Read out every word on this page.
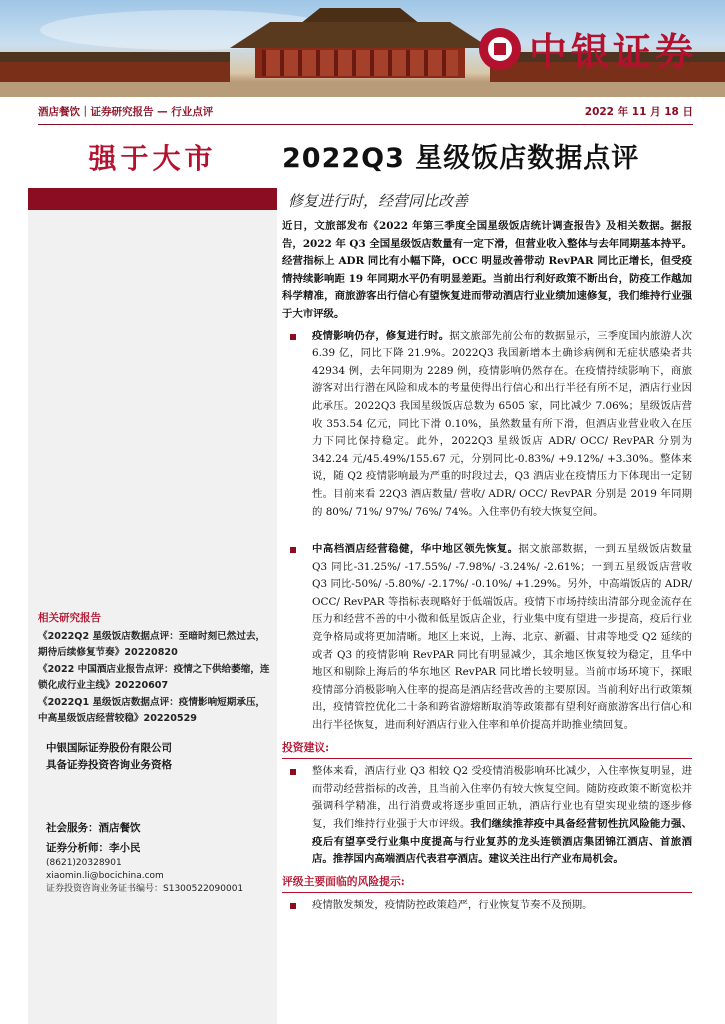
中银证券
酒店餐饮｜证券研究报告 — 行业点评	2022 年 11 月 18 日
强于大市
相关研究报告
《2022Q2 星级饭店数据点评：至暗时刻已然过去，期待后续修复节奏》20220820
《2022 中国酒店业报告点评：疫情之下供给萎缩，连锁化成行业主线》20220607
《2022Q1 星级饭店数据点评：疫情影响短期承压，中高星级饭店经营较稳》20220529
中银国际证券股份有限公司
具备证券投资咨询业务资格
社会服务：酒店餐饮
证券分析师：李小民
(8621)20328901
xiaomin.li@bocichina.com
证券投资咨询业务证书编号：S1300522090001
2022Q3 星级饭店数据点评
修复进行时，经营同比改善
近日，文旅部发布《2022 年第三季度全国星级饭店统计调查报告》及相关数据。据报告，2022 年 Q3 全国星级饭店数量有一定下滑，但营业收入整体与去年同期基本持平。经营指标上 ADR 同比有小幅下降，OCC 明显改善带动 RevPAR 同比正增长，但受疫情持续影响距 19 年同期水平仍有明显差距。当前出行利好政策不断出台，防疫工作越加科学精准，商旅游客出行信心有望恢复进而带动酒店行业业绩加速修复，我们维持行业强于大市评级。
疫情影响仍存，修复进行时。据文旅部先前公布的数据显示，三季度国内旅游人次 6.39 亿，同比下降 21.9%。2022Q3 我国新增本土确诊病例和无症状感染者共 42934 例，去年同期为 2289 例，疫情影响仍然存在。在疫情持续影响下，商旅游客对出行潜在风险和成本的考量使得出行信心和出行半径有所不足，酒店行业因此承压。2022Q3 我国星级饭店总数为 6505 家，同比减少 7.06%；星级饭店营收 353.54 亿元，同比下滑 0.10%，虽然数量有所下滑，但酒店业营业收入在压力下同比保持稳定。此外，2022Q3 星级饭店 ADR/ OCC/ RevPAR 分别为 342.24 元/45.49%/155.67 元，分别同比-0.83%/ +9.12%/ +3.30%。整体来说，随 Q2 疫情影响最为严重的时段过去，Q3 酒店业在疫情压力下体现出一定韧性。目前来看 22Q3 酒店数量/ 营收/ ADR/ OCC/ RevPAR 分别是 2019 年同期的 80%/ 71%/ 97%/ 76%/ 74%。入住率仍有较大恢复空间。
中高档酒店经营稳健，华中地区领先恢复。据文旅部数据，一到五星级饭店数量 Q3 同比-31.25%/ -17.55%/ -7.98%/ -3.24%/ -2.61%；一到五星级饭店营收 Q3 同比-50%/ -5.80%/ -2.17%/ -0.10%/ +1.29%。另外，中高端饭店的 ADR/ OCC/ RevPAR 等指标表现略好于低端饭店。疫情下市场持续出清部分现金流存在压力和经营不善的中小微和低星饭店企业，行业集中度有望进一步提高，疫后行业竞争格局或将更加清晰。地区上来说，上海、北京、新疆、甘肃等地受 Q2 延续的或者 Q3 的疫情影响 RevPAR 同比有明显减少，其余地区恢复较为稳定，且华中地区和剔除上海后的华东地区 RevPAR 同比增长较明显。当前市场环境下，探眼疫情部分消极影响入住率的提高是酒店经营改善的主要原因。当前利好出行政策频出，疫情管控优化二十条和跨省游熔断取消等政策都有望利好商旅游客出行信心和出行半径恢复，进而利好酒店行业入住率和单价提高并助推业绩回复。
投资建议:
整体来看，酒店行业 Q3 相较 Q2 受疫情消极影响环比减少，入住率恢复明显，进而带动经营指标的改善，且当前入住率仍有较大恢复空间。随防疫政策不断宽松并强调科学精准，出行消费或将逐步重回正轨，酒店行业也有望实现业绩的逐步修复，我们维持行业强于大市评级。我们继续推荐疫中具备经营韧性抗风险能力强、疫后有望享受行业集中度提高与行业复苏的龙头连锁酒店集团锦江酒店、首旅酒店。推荐国内高端酒店代表君亭酒店。建议关注出行产业布局机会。
评级主要面临的风险提示:
疫情散发频发，疫情防控政策趋严，行业恢复节奏不及预期。
